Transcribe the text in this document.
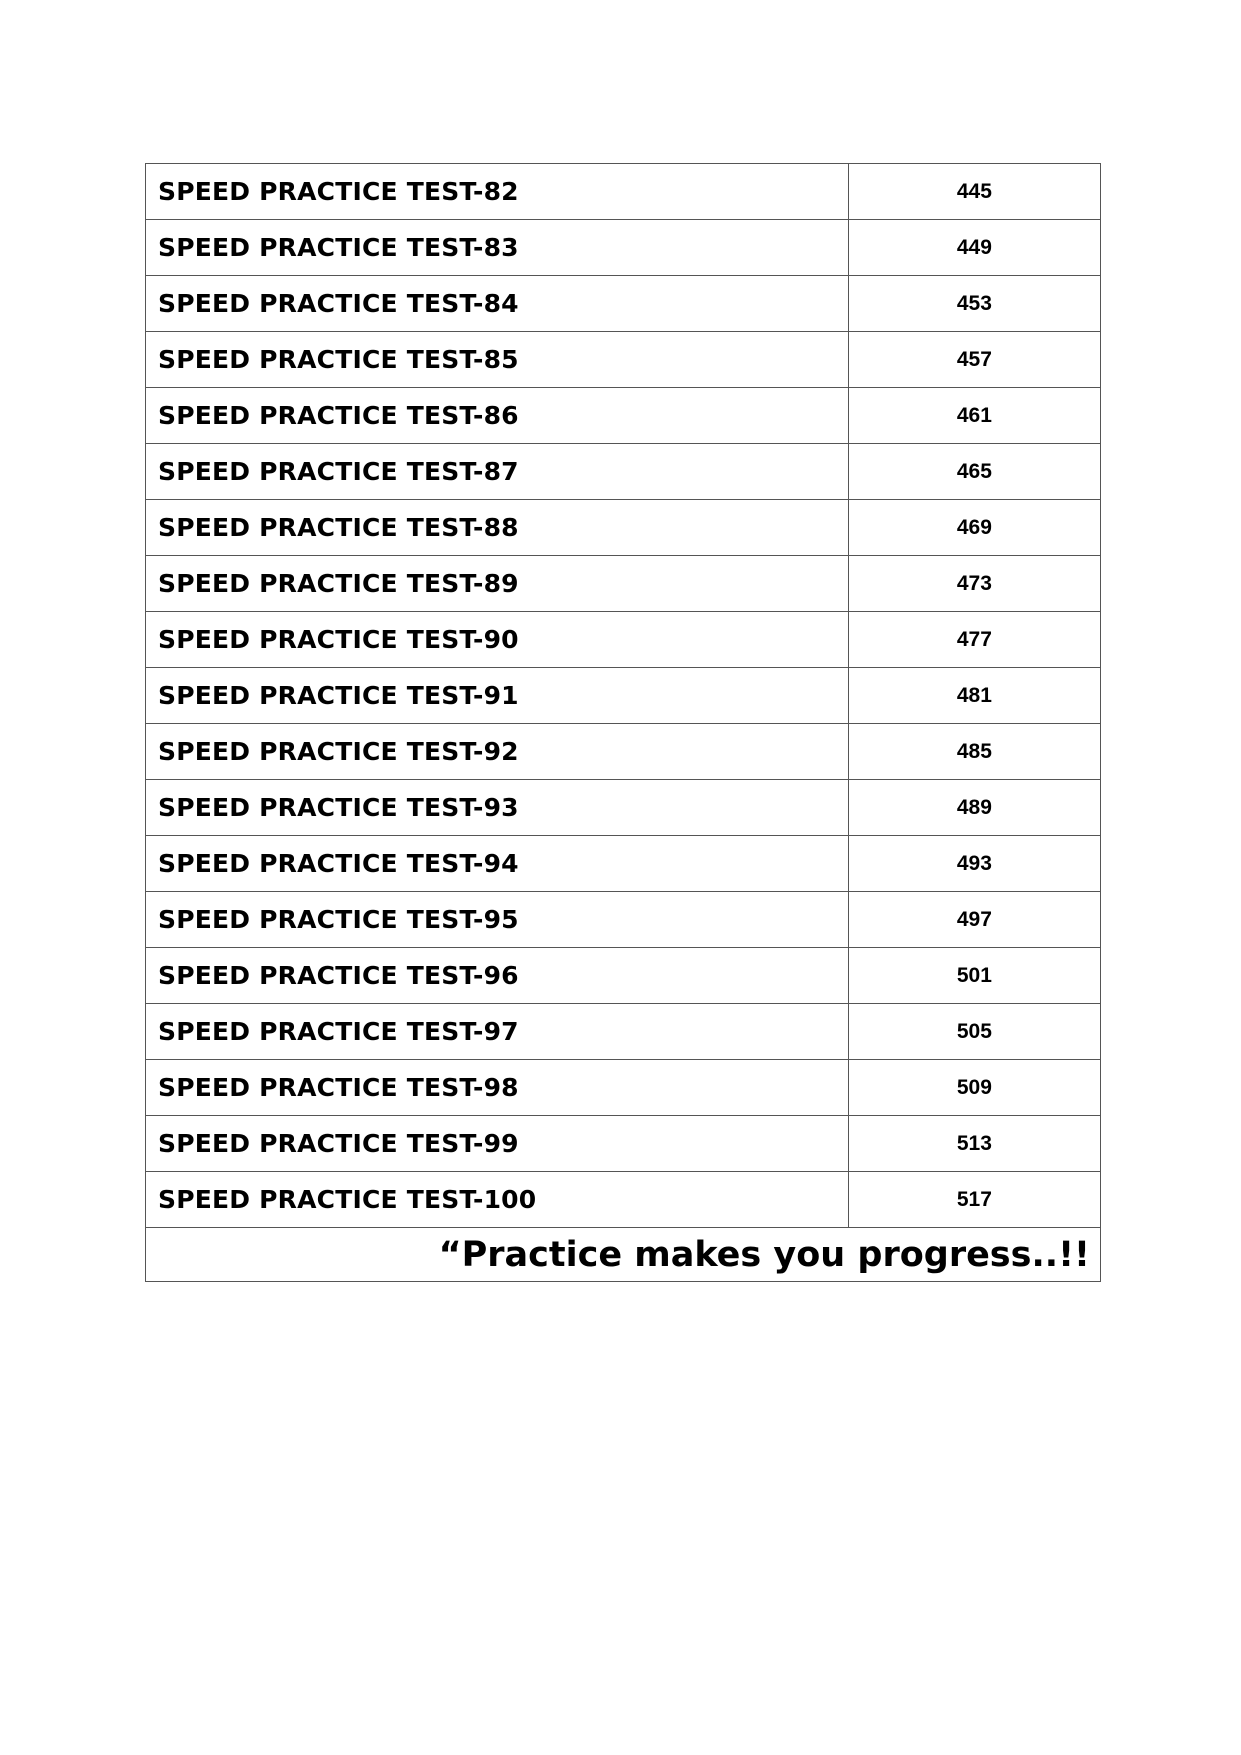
SPEED PRACTICE TEST-82	445
SPEED PRACTICE TEST-83	449
SPEED PRACTICE TEST-84	453
SPEED PRACTICE TEST-85	457
SPEED PRACTICE TEST-86	461
SPEED PRACTICE TEST-87	465
SPEED PRACTICE TEST-88	469
SPEED PRACTICE TEST-89	473
SPEED PRACTICE TEST-90	477
SPEED PRACTICE TEST-91	481
SPEED PRACTICE TEST-92	485
SPEED PRACTICE TEST-93	489
SPEED PRACTICE TEST-94	493
SPEED PRACTICE TEST-95	497
SPEED PRACTICE TEST-96	501
SPEED PRACTICE TEST-97	505
SPEED PRACTICE TEST-98	509
SPEED PRACTICE TEST-99	513
SPEED PRACTICE TEST-100	517
“Practice makes you progress..!!	
